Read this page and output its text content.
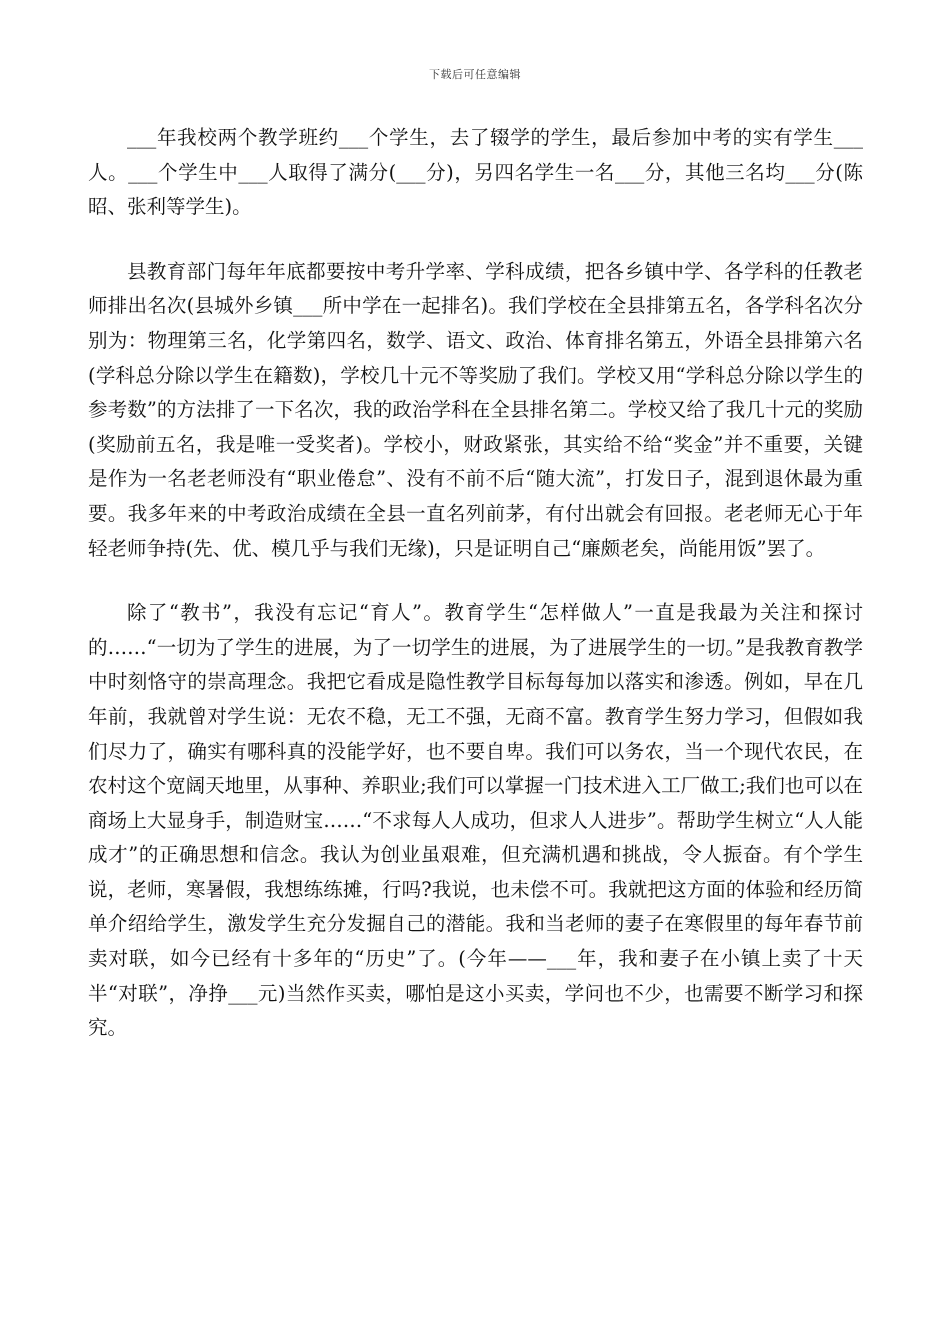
下载后可任意编辑

___年我校两个教学班约___个学生，去了辍学的学生，最后参加中考的实有学生___人。___个学生中___人取得了满分(___分)，另四名学生一名___分，其他三名均___分(陈昭、张利等学生)。

县教育部门每年年底都要按中考升学率、学科成绩，把各乡镇中学、各学科的任教老师排出名次(县城外乡镇___所中学在一起排名)。我们学校在全县排第五名，各学科名次分别为：物理第三名，化学第四名，数学、语文、政治、体育排名第五，外语全县排第六名(学科总分除以学生在籍数)，学校几十元不等奖励了我们。学校又用“学科总分除以学生的参考数”的方法排了一下名次，我的政治学科在全县排名第二。学校又给了我几十元的奖励(奖励前五名，我是唯一受奖者)。学校小，财政紧张，其实给不给“奖金”并不重要，关键是作为一名老老师没有“职业倦怠”、没有不前不后“随大流”，打发日子，混到退休最为重要。我多年来的中考政治成绩在全县一直名列前茅，有付出就会有回报。老老师无心于年轻老师争持(先、优、模几乎与我们无缘)，只是证明自己“廉颇老矣，尚能用饭”罢了。

除了“教书”，我没有忘记“育人”。教育学生“怎样做人”一直是我最为关注和探讨的……“一切为了学生的进展，为了一切学生的进展，为了进展学生的一切。”是我教育教学中时刻恪守的崇高理念。我把它看成是隐性教学目标每每加以落实和渗透。例如，早在几年前，我就曾对学生说：无农不稳，无工不强，无商不富。教育学生努力学习，但假如我们尽力了，确实有哪科真的没能学好，也不要自卑。我们可以务农，当一个现代农民，在农村这个宽阔天地里，从事种、养职业;我们可以掌握一门技术进入工厂做工;我们也可以在商场上大显身手，制造财宝……“不求每人人成功，但求人人进步”。帮助学生树立“人人能成才”的正确思想和信念。我认为创业虽艰难，但充满机遇和挑战，令人振奋。有个学生说，老师，寒暑假，我想练练摊，行吗?我说，也未偿不可。我就把这方面的体验和经历简单介绍给学生，激发学生充分发掘自己的潜能。我和当老师的妻子在寒假里的每年春节前卖对联，如今已经有十多年的“历史”了。(今年——___年，我和妻子在小镇上卖了十天半“对联”，净挣___元)当然作买卖，哪怕是这小买卖，学问也不少，也需要不断学习和探究。
